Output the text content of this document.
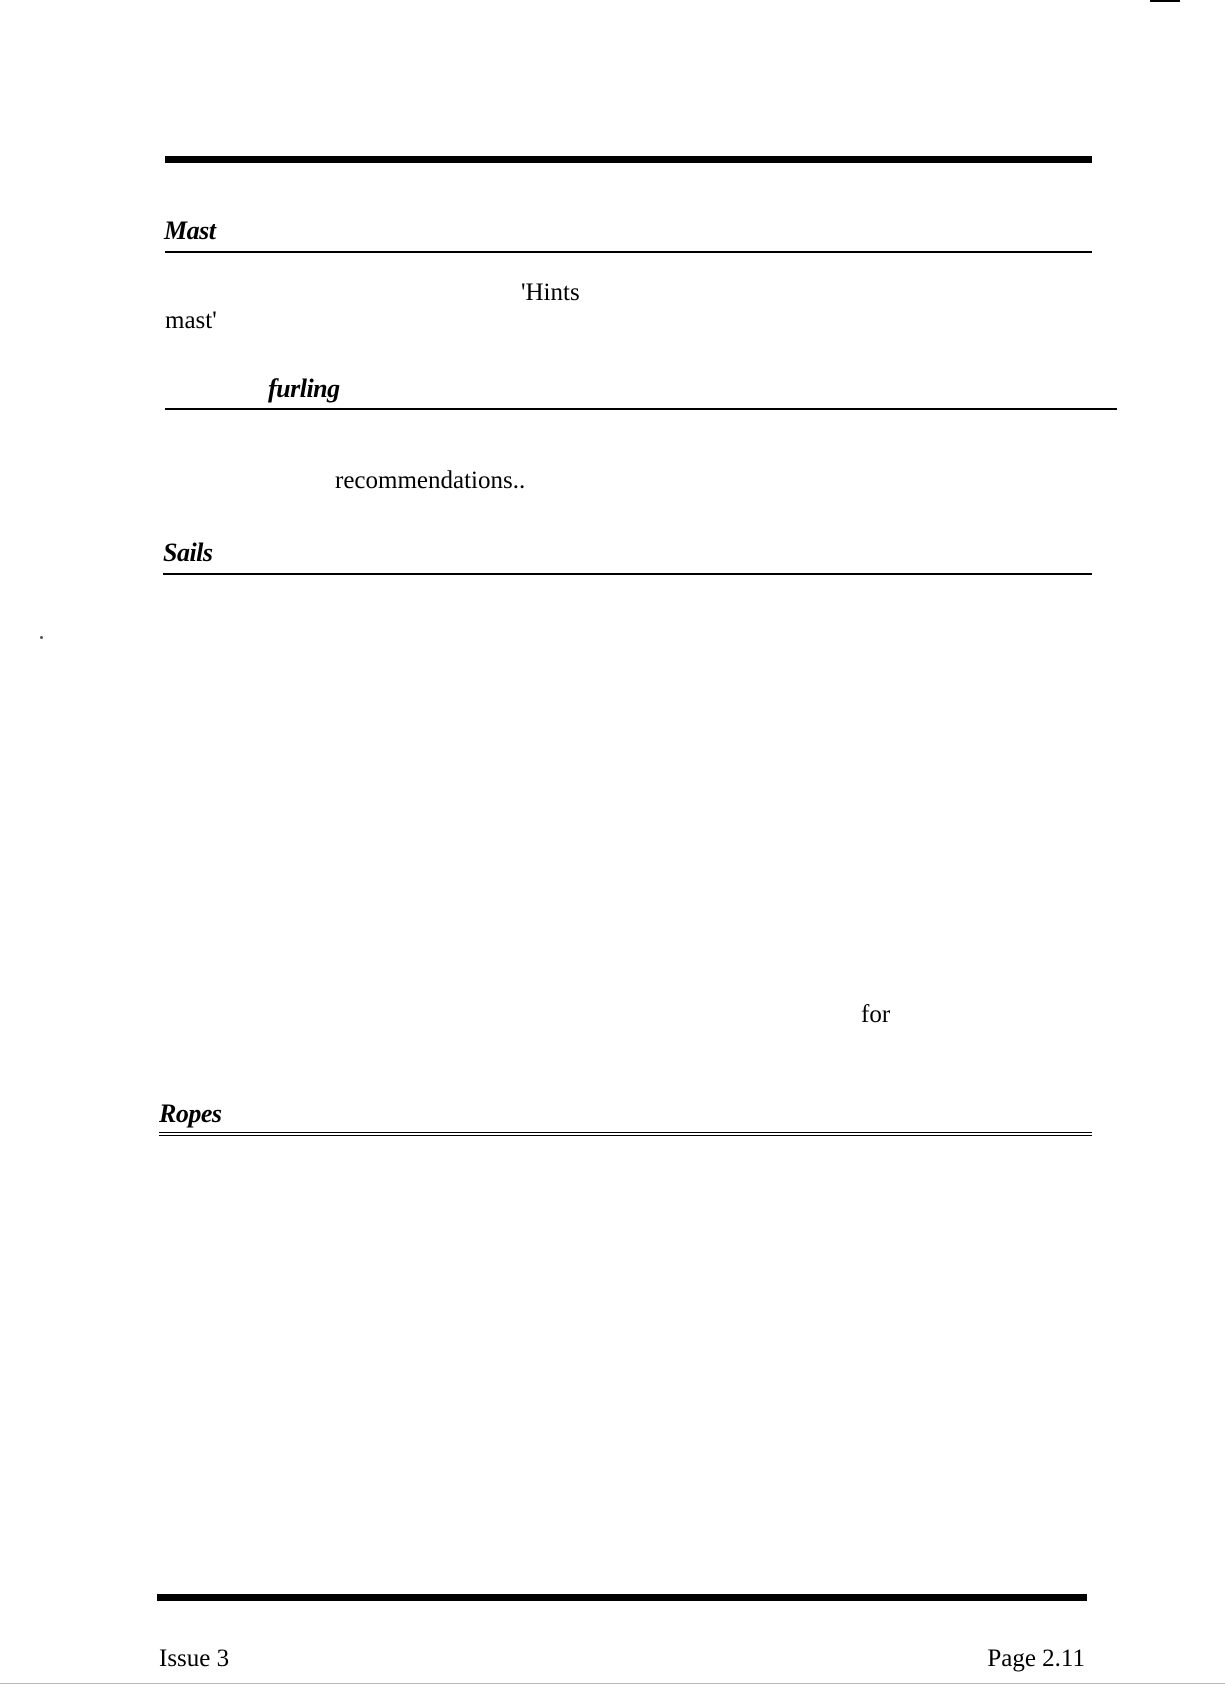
Mast
'Hints
mast'
furling
recommendations..
Sails
for
Ropes
Issue 3	Page 2.11
